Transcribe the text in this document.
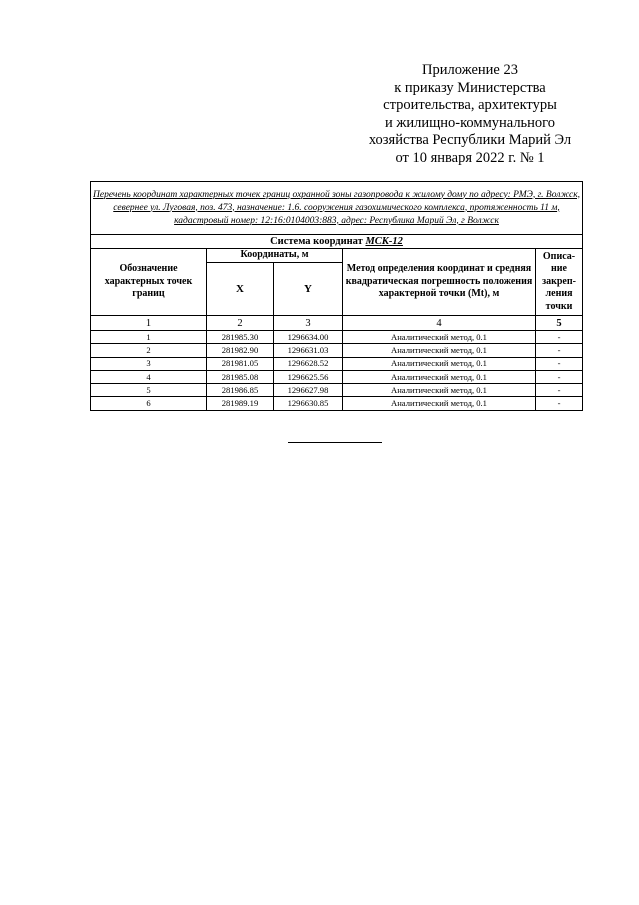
Приложение 23
к приказу Министерства
строительства, архитектуры
и жилищно-коммунального
хозяйства Республики Марий Эл
от 10 января 2022 г. № 1
Перечень координат характерных точек границ охранной зоны газопровода к жилому дому по адресу: РМЭ, г. Волжск, севернее ул. Луговая, поз. 473, назначение: 1.6. сооружения газохимического комплекса, протяженность 11 м, кадастровый номер: 12:16:0104003:883, адрес: Республика Марий Эл, г Волжск				
Система координат МСК-12				
Обозначение характерных точек границ	Координаты, м		Метод определения координат и средняя квадратическая погрешность положения характерной точки (Mt), м	Описа-ние закреп-ления точки
	X	Y		
1	2	3	4	5
1	281985.30	1296634.00	Аналитический метод, 0.1	-
2	281982.90	1296631.03	Аналитический метод, 0.1	-
3	281981.05	1296628.52	Аналитический метод, 0.1	-
4	281985.08	1296625.56	Аналитический метод, 0.1	-
5	281986.85	1296627.98	Аналитический метод, 0.1	-
6	281989.19	1296630.85	Аналитический метод, 0.1	-
